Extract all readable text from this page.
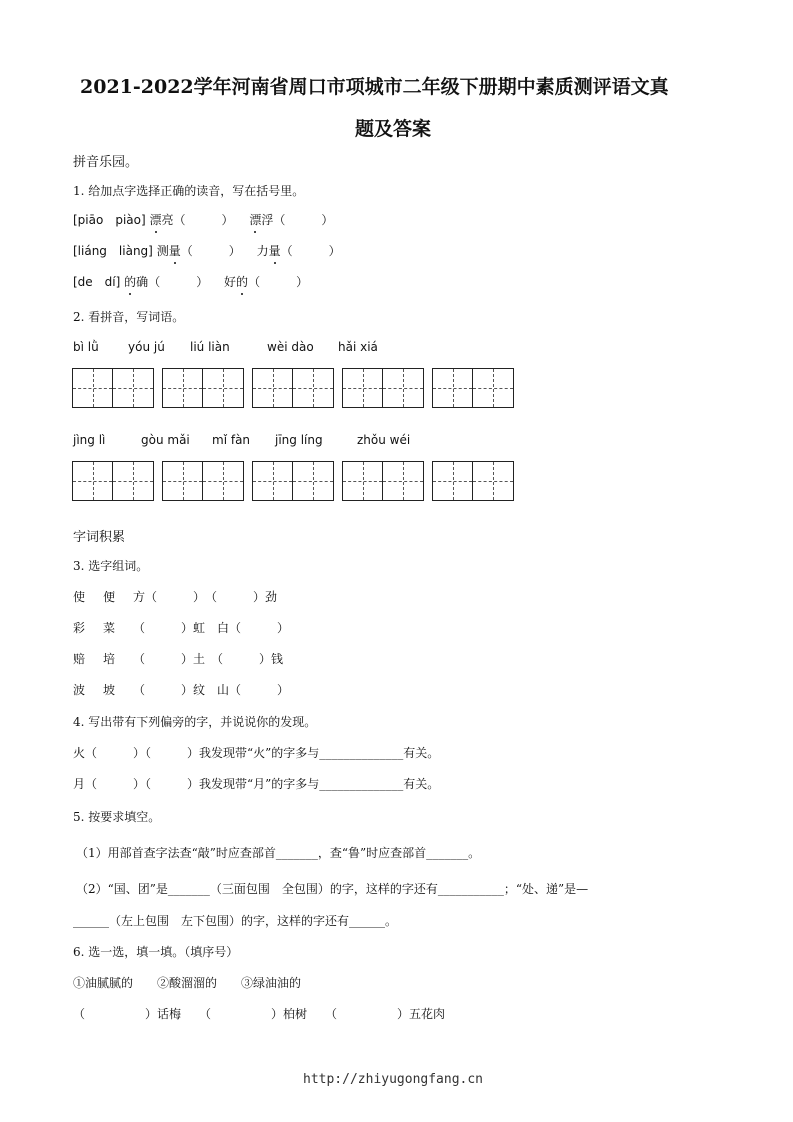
2021-2022学年河南省周口市项城市二年级下册期中素质测评语文真
题及答案
拼音乐园。
1. 给加点字选择正确的读音，写在括号里。
[piāo　piào] 漂亮（　　　） 漂浮（　　　）
[liáng　liàng] 测量（　　　） 力量（　　　）
[de　dí] 的确（　　　） 好的（　　　）
2. 看拼音，写词语。
bì lǜ yóu jú liú liàn	wèi dào hǎi xiá
jìng lì	gòu mǎi mǐ fàn jīng líng	zhǒu wéi
字词积累
3. 选字组词。
使 便 方（　　　）　（　　　）劲
彩 菜 （　　　）虹　白（　　　）
赔 培 （　　　）土　（　　　）钱
波 坡 （　　　）纹　山（　　　）
4. 写出带有下列偏旁的字，并说说你的发现。
火（　　　）（　　　）我发现带“火”的字多与______________有关。
月（　　　）（　　　）我发现带“月”的字多与______________有关。
5. 按要求填空。
（1）用部首查字法查“敲”时应查部首_______，查“鲁”时应查部首_______。
（2）“国、团”是_______（三面包围　全包围）的字，这样的字还有___________；“处、递”是—
______（左上包围　左下包围）的字，这样的字还有______。
6. 选一选，填一填。（填序号）
①油腻腻的　　②酸溜溜的　　③绿油油的
（　　　　　）话梅　　（　　　　　）柏树　　（　　　　　）五花肉
http://zhiyugongfang.cn
